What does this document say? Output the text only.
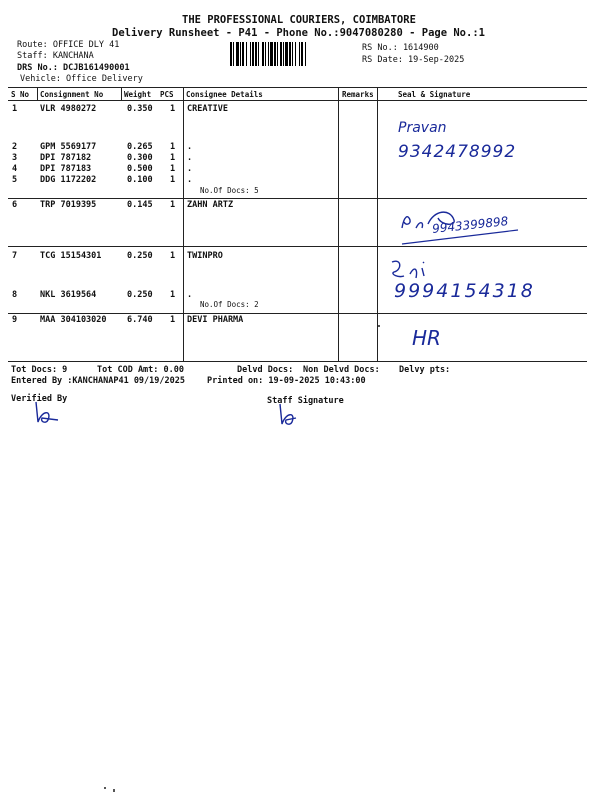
THE PROFESSIONAL COURIERS, COIMBATORE
Delivery Runsheet - P41 - Phone No.:9047080280 - Page No.:1
Route: OFFICE DLY 41
Staff: KANCHANA
DRS No.: DCJB161490001
Vehicle: Office Delivery
RS No.: 1614900
RS Date: 19-Sep-2025
S No Consignment No	Weight PCS Consignee Details	Remarks	Seal & Signature
1	VLR 4980272	0.350 1 CREATIVE
2	GPM 5569177	0.265 1 .
3	DPI 787182	0.300 1 .
4	DPI 787183	0.500 1 .
5	DDG 1172202	0.100 1 .
6	TRP 7019395	0.145 1 ZAHN ARTZ
7	TCG 15154301	0.250 1 TWINPRO
8	NKL 3619564	0.250 1 .
9	MAA 304103020 6.740 1 DEVI PHARMA
No.Of Docs: 5
No.Of Docs: 2
Pravan
9342478992
9943399898
9994154318
HR
Tot Docs: 9	Tot COD Amt: 0.00	Delvd Docs: Non Delvd Docs: Delvy pts:
Entered By :KANCHANAP41 09/19/2025	Printed on: 19-09-2025 10:43:00
Verified By	Staff Signature
